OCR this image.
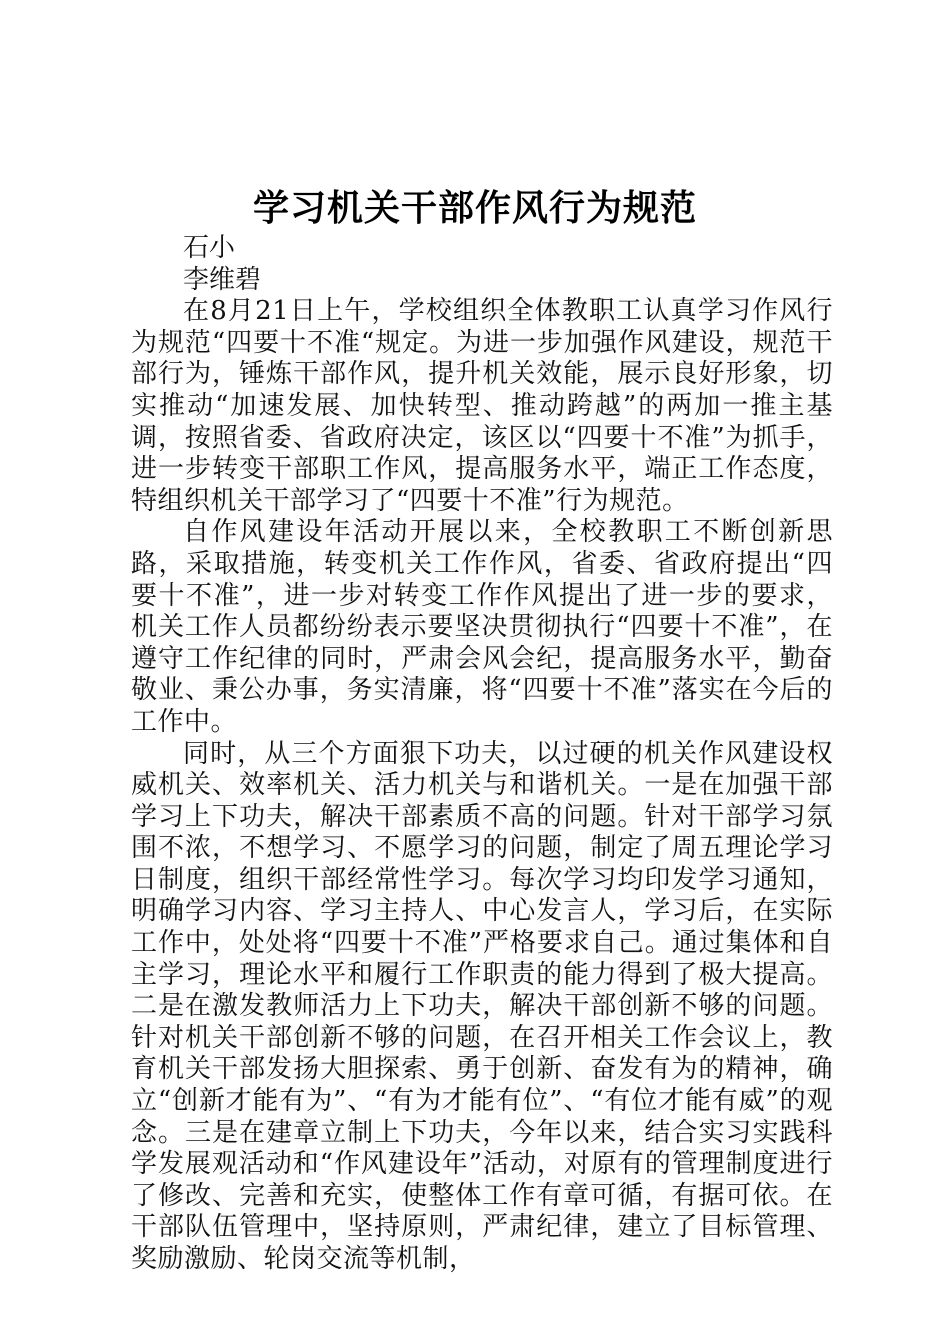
学习机关干部作风行为规范

石小

李维碧

在8月21日上午，学校组织全体教职工认真学习作风行为规范“四要十不准“规定。为进一步加强作风建设，规范干部行为，锤炼干部作风，提升机关效能，展示良好形象，切实推动“加速发展、加快转型、推动跨越”的两加一推主基调，按照省委、省政府决定，该区以“四要十不准”为抓手，进一步转变干部职工作风，提高服务水平，端正工作态度，特组织机关干部学习了“四要十不准”行为规范。

自作风建设年活动开展以来，全校教职工不断创新思路，采取措施，转变机关工作作风，省委、省政府提出“四要十不准”，进一步对转变工作作风提出了进一步的要求，机关工作人员都纷纷表示要坚决贯彻执行“四要十不准”，在遵守工作纪律的同时，严肃会风会纪，提高服务水平，勤奋敬业、秉公办事，务实清廉，将“四要十不准”落实在今后的工作中。

同时，从三个方面狠下功夫，以过硬的机关作风建设权威机关、效率机关、活力机关与和谐机关。一是在加强干部学习上下功夫，解决干部素质不高的问题。针对干部学习氛围不浓，不想学习、不愿学习的问题，制定了周五理论学习日制度，组织干部经常性学习。每次学习均印发学习通知，明确学习内容、学习主持人、中心发言人，学习后，在实际工作中，处处将“四要十不准”严格要求自己。通过集体和自主学习，理论水平和履行工作职责的能力得到了极大提高。二是在激发教师活力上下功夫，解决干部创新不够的问题。针对机关干部创新不够的问题，在召开相关工作会议上，教育机关干部发扬大胆探索、勇于创新、奋发有为的精神，确立“创新才能有为”、“有为才能有位”、“有位才能有威”的观念。三是在建章立制上下功夫，今年以来，结合实习实践科学发展观活动和“作风建设年”活动，对原有的管理制度进行了修改、完善和充实，使整体工作有章可循，有据可依。在干部队伍管理中，坚持原则，严肃纪律，建立了目标管理、奖励激励、轮岗交流等机制，
